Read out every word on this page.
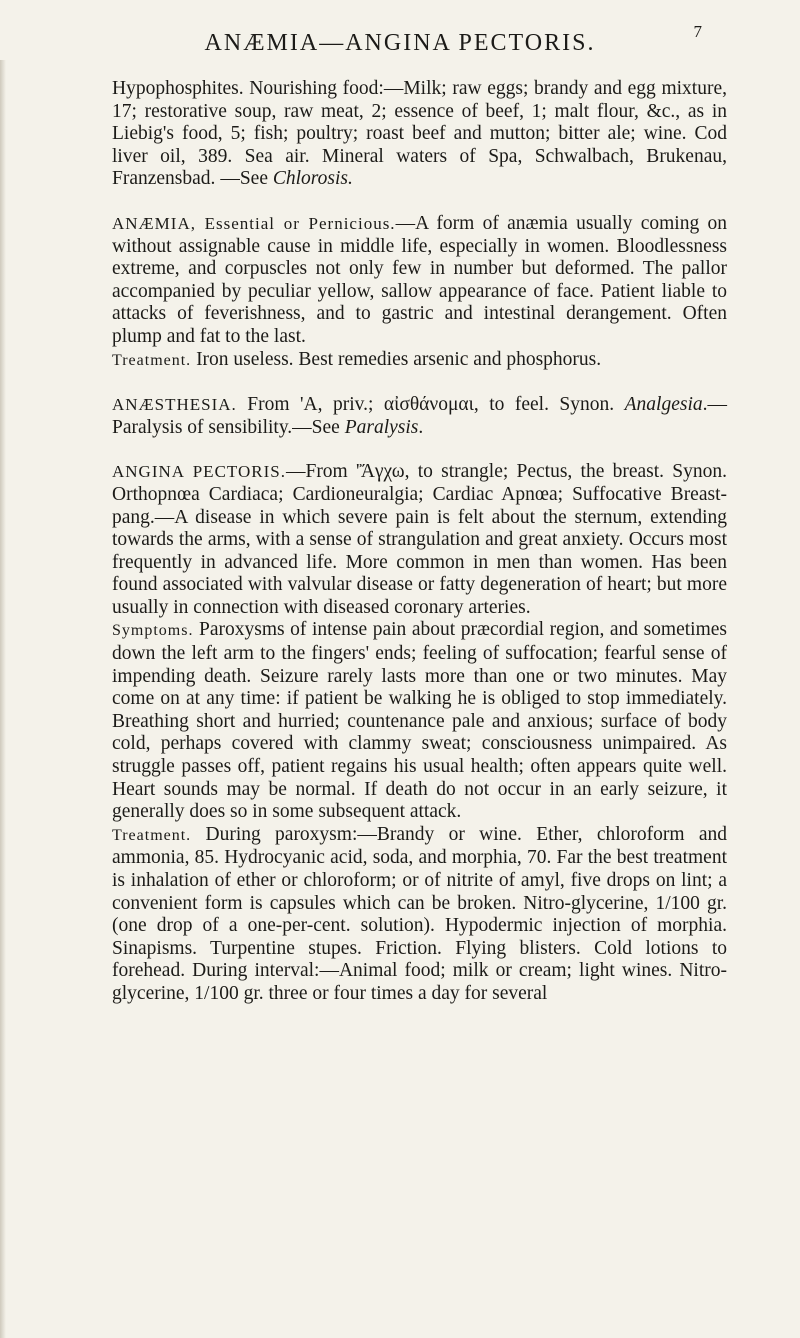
ANÆMIA—ANGINA PECTORIS.	7

Hypophosphites. Nourishing food:—Milk; raw eggs; brandy and egg mixture, 17; restorative soup, raw meat, 2; essence of beef, 1; malt flour, &c., as in Liebig's food, 5; fish; poultry; roast beef and mutton; bitter ale; wine. Cod liver oil, 389. Sea air. Mineral waters of Spa, Schwalbach, Brukenau, Franzensbad. —See Chlorosis.

ANÆMIA, Essential or Pernicious.—A form of anæmia usually coming on without assignable cause in middle life, especially in women. Bloodlessness extreme, and corpuscles not only few in number but deformed. The pallor accompanied by peculiar yellow, sallow appearance of face. Patient liable to attacks of feverishness, and to gastric and intestinal derangement. Often plump and fat to the last.

Treatment. Iron useless. Best remedies arsenic and phosphorus.

ANÆSTHESIA. From 'A, priv.; αἰσθάνομαι, to feel. Synon. Analgesia.—Paralysis of sensibility.—See Paralysis.

ANGINA PECTORIS.—From 'Ἄγχω, to strangle; Pectus, the breast. Synon. Orthopnœa Cardiaca; Cardioneuralgia; Cardiac Apnœa; Suffocative Breast-pang.—A disease in which severe pain is felt about the sternum, extending towards the arms, with a sense of strangulation and great anxiety. Occurs most frequently in advanced life. More common in men than women. Has been found associated with valvular disease or fatty degeneration of heart; but more usually in connection with diseased coronary arteries.

Symptoms. Paroxysms of intense pain about præcordial region, and sometimes down the left arm to the fingers' ends; feeling of suffocation; fearful sense of impending death. Seizure rarely lasts more than one or two minutes. May come on at any time: if patient be walking he is obliged to stop immediately. Breathing short and hurried; countenance pale and anxious; surface of body cold, perhaps covered with clammy sweat; consciousness unimpaired. As struggle passes off, patient regains his usual health; often appears quite well. Heart sounds may be normal. If death do not occur in an early seizure, it generally does so in some subsequent attack.

Treatment. During paroxysm:—Brandy or wine. Ether, chloroform and ammonia, 85. Hydrocyanic acid, soda, and morphia, 70. Far the best treatment is inhalation of ether or chloroform; or of nitrite of amyl, five drops on lint; a convenient form is capsules which can be broken. Nitro-glycerine, 1/100 gr. (one drop of a one-per-cent. solution). Hypodermic injection of morphia. Sinapisms. Turpentine stupes. Friction. Flying blisters. Cold lotions to forehead. During interval:—Animal food; milk or cream; light wines. Nitro-glycerine, 1/100 gr. three or four times a day for several
